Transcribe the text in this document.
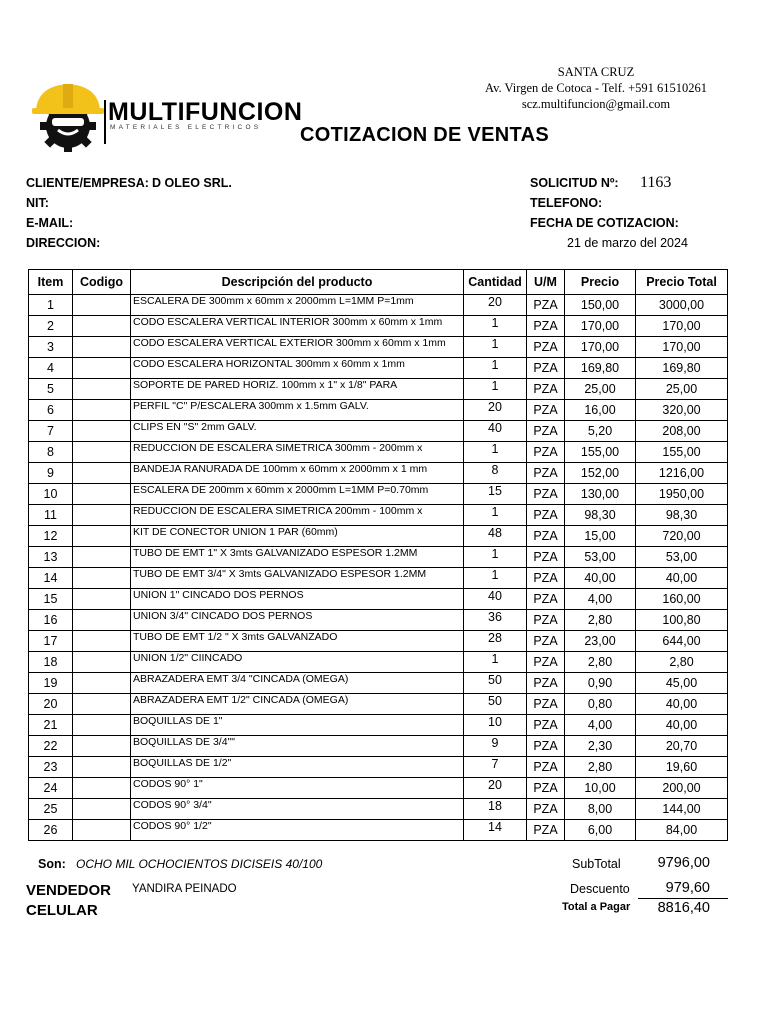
SANTA CRUZ
Av. Virgen de Cotoca - Telf. +591 61510261
scz.multifuncion@gmail.com
MULTIFUNCION
MATERIALES ELECTRICOS COTIZACION DE VENTAS
CLIENTE/EMPRESA: D OLEO SRL.
NIT:
E-MAIL:
DIRECCION:
SOLICITUD Nº: 1163
TELEFONO:
FECHA DE COTIZACION:
21 de marzo del 2024
Item	Codigo	Descripción del producto	Cantidad	U/M	Precio	Precio Total
1		ESCALERA DE 300mm x 60mm x 2000mm L=1MM P=1mm	20	PZA	150,00	3000,00
2		CODO ESCALERA VERTICAL INTERIOR 300mm x 60mm x 1mm	1	PZA	170,00	170,00
3		CODO ESCALERA VERTICAL EXTERIOR 300mm x 60mm x 1mm	1	PZA	170,00	170,00
4		CODO ESCALERA HORIZONTAL 300mm x 60mm x 1mm	1	PZA	169,80	169,80
5		SOPORTE DE PARED HORIZ. 100mm x 1" x 1/8" PARA	1	PZA	25,00	25,00
6		PERFIL "C" P/ESCALERA 300mm x 1.5mm GALV.	20	PZA	16,00	320,00
7		CLIPS EN "S" 2mm GALV.	40	PZA	5,20	208,00
8		REDUCCION DE ESCALERA SIMETRICA 300mm - 200mm x	1	PZA	155,00	155,00
9		BANDEJA RANURADA DE 100mm x 60mm x 2000mm x 1 mm	8	PZA	152,00	1216,00
10		ESCALERA DE 200mm x 60mm x 2000mm L=1MM P=0.70mm	15	PZA	130,00	1950,00
11		REDUCCION DE ESCALERA SIMETRICA 200mm - 100mm x	1	PZA	98,30	98,30
12		KIT DE CONECTOR UNION 1 PAR (60mm)	48	PZA	15,00	720,00
13		TUBO DE EMT 1" X 3mts GALVANIZADO ESPESOR 1.2MM	1	PZA	53,00	53,00
14		TUBO DE EMT 3/4" X 3mts GALVANIZADO ESPESOR 1.2MM	1	PZA	40,00	40,00
15		UNION 1" CINCADO DOS PERNOS	40	PZA	4,00	160,00
16		UNION 3/4" CINCADO DOS PERNOS	36	PZA	2,80	100,80
17		TUBO DE EMT 1/2 " X 3mts GALVANZADO	28	PZA	23,00	644,00
18		UNION 1/2" CIINCADO	1	PZA	2,80	2,80
19		ABRAZADERA EMT 3/4 "CINCADA (OMEGA)	50	PZA	0,90	45,00
20		ABRAZADERA EMT 1/2" CINCADA (OMEGA)	50	PZA	0,80	40,00
21		BOQUILLAS DE 1"	10	PZA	4,00	40,00
22		BOQUILLAS DE 3/4""	9	PZA	2,30	20,70
23		BOQUILLAS DE 1/2"	7	PZA	2,80	19,60
24		CODOS 90° 1"	20	PZA	10,00	200,00
25		CODOS 90° 3/4"	18	PZA	8,00	144,00
26		CODOS 90° 1/2"	14	PZA	6,00	84,00
Son: OCHO MIL OCHOCIENTOS DICISEIS 40/100
VENDEDOR YANDIRA PEINADO
CELULAR
SubTotal	9796,00
Descuento	979,60
Total a Pagar	8816,40
